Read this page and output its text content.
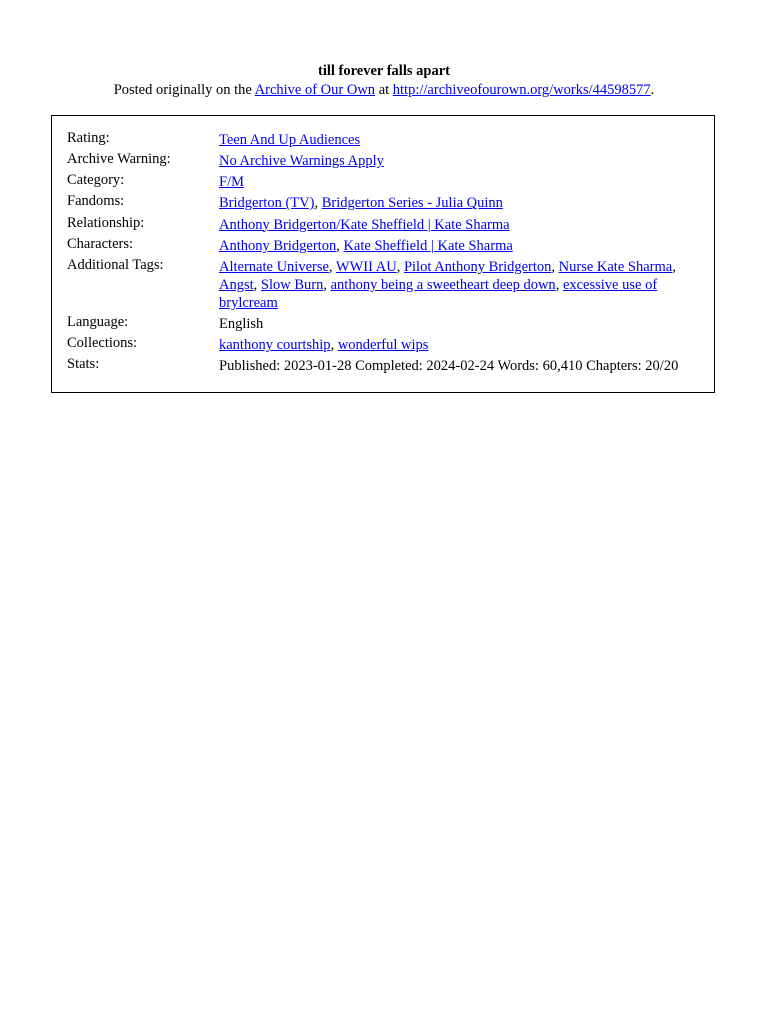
till forever falls apart

Posted originally on the Archive of Our Own at http://archiveofourown.org/works/44598577.

Rating:	Teen And Up Audiences
Archive Warning:	No Archive Warnings Apply
Category:	F/M
Fandoms:	Bridgerton (TV), Bridgerton Series - Julia Quinn
Relationship:	Anthony Bridgerton/Kate Sheffield | Kate Sharma
Characters:	Anthony Bridgerton, Kate Sheffield | Kate Sharma
Additional Tags:	Alternate Universe, WWII AU, Pilot Anthony Bridgerton, Nurse Kate Sharma, Angst, Slow Burn, anthony being a sweetheart deep down, excessive use of brylcream
Language:	English
Collections:	kanthony courtship, wonderful wips
Stats:	Published: 2023-01-28 Completed: 2024-02-24 Words: 60,410 Chapters: 20/20
